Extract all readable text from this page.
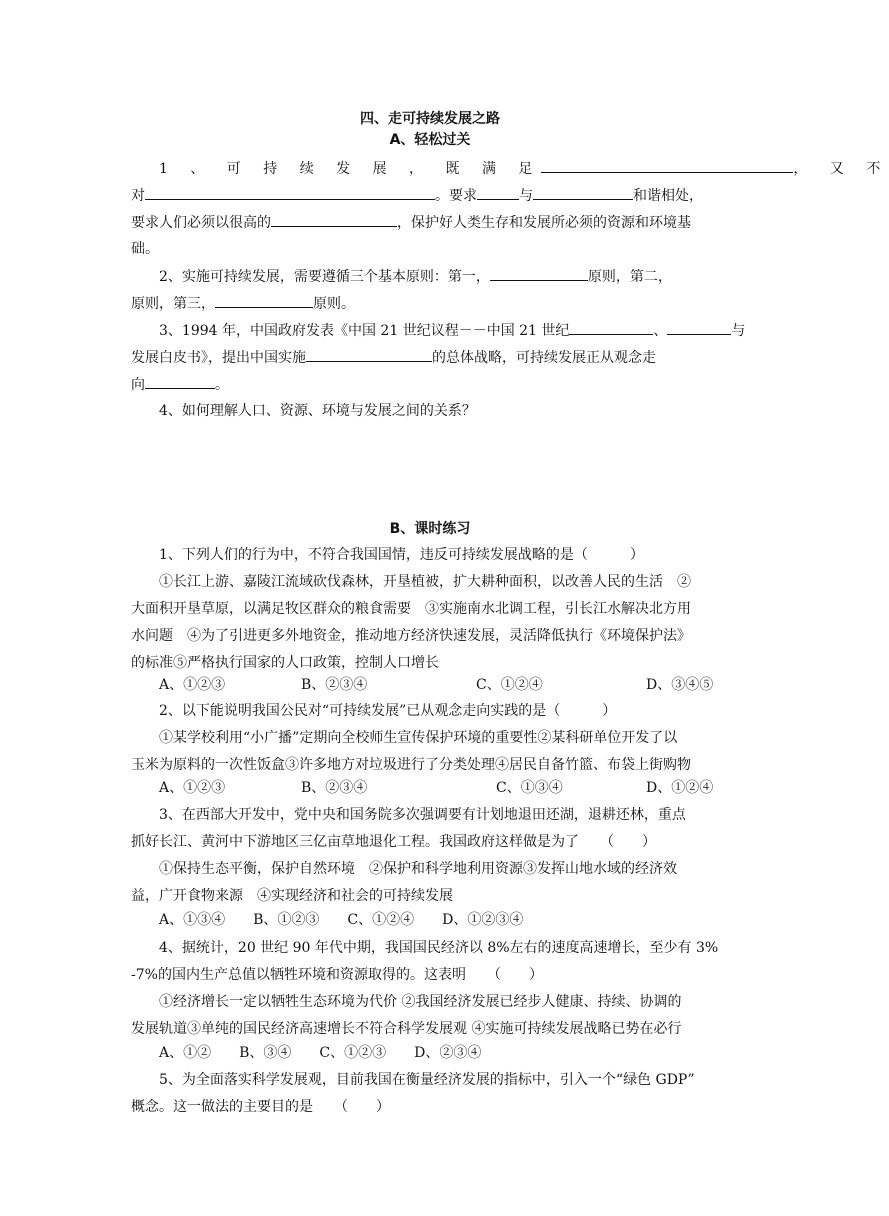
四、走可持续发展之路
A、轻松过关
1 、 可 持 续 发 展 ， 既 满 足	， 又 不
对	。要求	与	和谐相处，
要求人们必须以很高的	，保护好人类生存和发展所必须的资源和环境基
础。
2、实施可持续发展，需要遵循三个基本原则：第一，	原则，第二，
原则，第三，	原则。
3、1994 年，中国政府发表《中国 21 世纪议程－－中国 21 世纪	、	与
发展白皮书》，提出中国实施	的总体战略，可持续发展正从观念走
向	。
4、如何理解人口、资源、环境与发展之间的关系？
B、课时练习
1、下列人们的行为中，不符合我国国情，违反可持续发展战略的是（　　　）
①长江上游、嘉陵江流域砍伐森林，开垦植被，扩大耕种面积，以改善人民的生活　②
大面积开垦草原，以满足牧区群众的粮食需要　③实施南水北调工程，引长江水解决北方用
水问题　④为了引进更多外地资金，推动地方经济快速发展，灵活降低执行《环境保护法》
的标准⑤严格执行国家的人口政策，控制人口增长
A、①②③	B、②③④	C、①②④	D、③④⑤
2、以下能说明我国公民对“可持续发展”已从观念走向实践的是（　　　）
①某学校利用“小广播”定期向全校师生宣传保护环境的重要性②某科研单位开发了以
玉米为原料的一次性饭盒③许多地方对垃圾进行了分类处理④居民自备竹篮、布袋上街购物
A、①②③	B、②③④	C、①③④	D、①②④
3、在西部大开发中，党中央和国务院多次强调要有计划地退田还湖，退耕还林，重点
抓好长江、黄河中下游地区三亿亩草地退化工程。我国政府这样做是为了　　（　　）
①保持生态平衡，保护自然环境　②保护和科学地利用资源③发挥山地水域的经济效
益，广开食物来源　④实现经济和社会的可持续发展
A、①③④　　B、①②③　　C、①②④　　D、①②③④
4、据统计，20 世纪 90 年代中期，我国国民经济以 8%左右的速度高速增长，至少有 3%
-7%的国内生产总值以牺牲环境和资源取得的。这表明　　（　　）
①经济增长一定以牺牲生态环境为代价 ②我国经济发展已经步人健康、持续、协调的
发展轨道③单纯的国民经济高速增长不符合科学发展观 ④实施可持续发展战略已势在必行
A、①②　　B、③④　　C、①②③　　D、②③④
5、为全面落实科学发展观，目前我国在衡量经济发展的指标中，引入一个“绿色 GDP”
概念。这一做法的主要目的是　　（　　）
